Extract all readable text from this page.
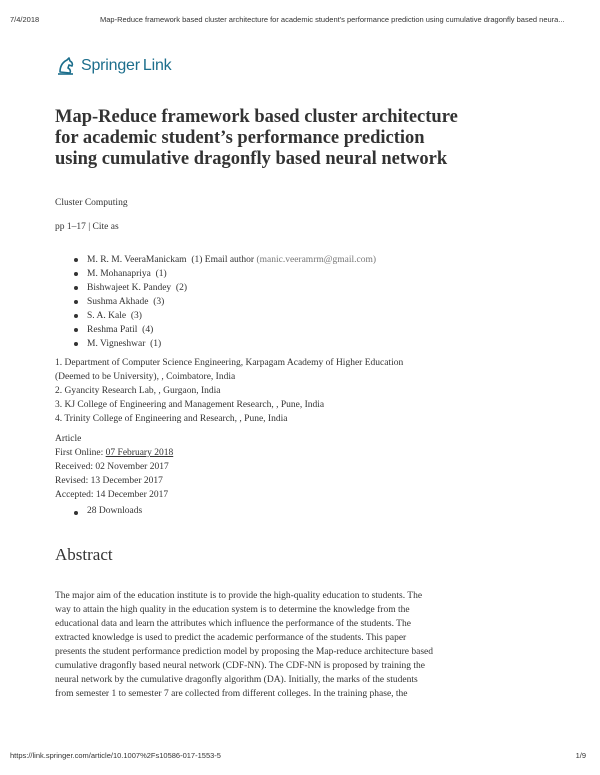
7/4/2018	Map-Reduce framework based cluster architecture for academic student's performance prediction using cumulative dragonfly based neura...
Springer Link
Map-Reduce framework based cluster architecture for academic student’s performance prediction using cumulative dragonfly based neural network
Cluster Computing
pp 1–17 | Cite as
M. R. M. VeeraManickam (1) Email author (manic.veeramrm@gmail.com)
M. Mohanapriya (1)
Bishwajeet K. Pandey (2)
Sushma Akhade (3)
S. A. Kale (3)
Reshma Patil (4)
M. Vigneshwar (1)
1. Department of Computer Science Engineering, Karpagam Academy of Higher Education (Deemed to be University), , Coimbatore, India
2. Gyancity Research Lab, , Gurgaon, India
3. KJ College of Engineering and Management Research, , Pune, India
4. Trinity College of Engineering and Research, , Pune, India
Article
First Online: 07 February 2018
Received: 02 November 2017
Revised: 13 December 2017
Accepted: 14 December 2017
28 Downloads
Abstract

The major aim of the education institute is to provide the high-quality education to students. The way to attain the high quality in the education system is to determine the knowledge from the educational data and learn the attributes which influence the performance of the students. The extracted knowledge is used to predict the academic performance of the students. This paper presents the student performance prediction model by proposing the Map-reduce architecture based cumulative dragonfly based neural network (CDF-NN). The CDF-NN is proposed by training the neural network by the cumulative dragonfly algorithm (DA). Initially, the marks of the students from semester 1 to semester 7 are collected from different colleges. In the training phase, the

https://link.springer.com/article/10.1007%2Fs10586-017-1553-5	1/9
